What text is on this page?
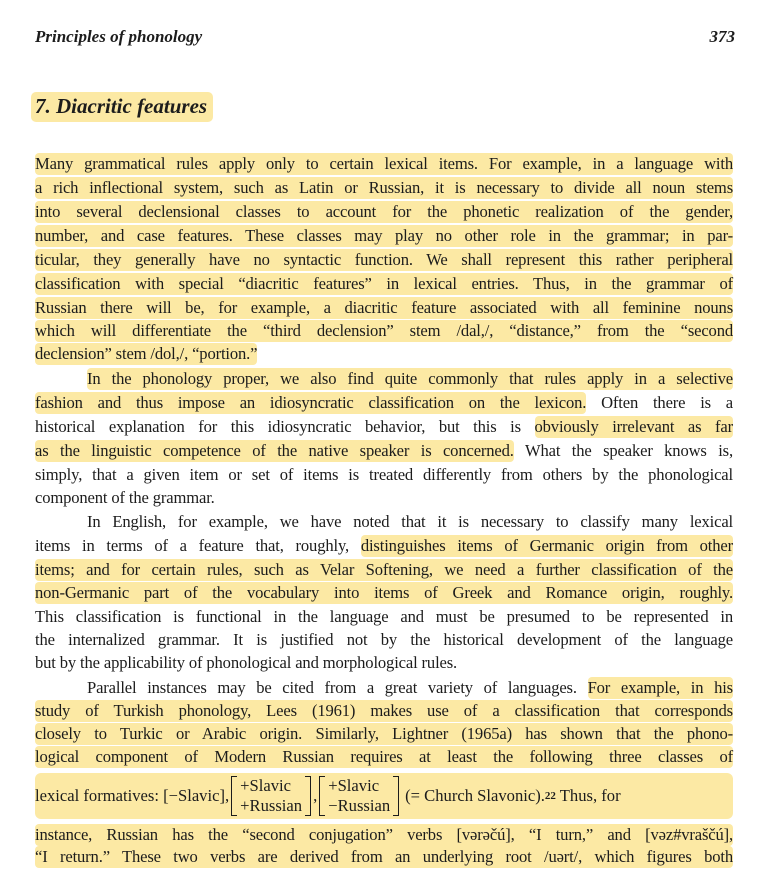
Principles of phonology	373
7. Diacritic features
Many grammatical rules apply only to certain lexical items. For example, in a language with
a rich inflectional system, such as Latin or Russian, it is necessary to divide all noun stems
into several declensional classes to account for the phonetic realization of the gender,
number, and case features. These classes may play no other role in the grammar; in par-
ticular, they generally have no syntactic function. We shall represent this rather peripheral
classification with special “diacritic features” in lexical entries. Thus, in the grammar of
Russian there will be, for example, a diacritic feature associated with all feminine nouns
which will differentiate the “third declension” stem /dal,/, “distance,” from the “second
declension” stem /dol,/, “portion.”
In the phonology proper, we also find quite commonly that rules apply in a selective
fashion and thus impose an idiosyncratic classification on the lexicon. Often there is a
historical explanation for this idiosyncratic behavior, but this is obviously irrelevant as far
as the linguistic competence of the native speaker is concerned. What the speaker knows is,
simply, that a given item or set of items is treated differently from others by the phonological
component of the grammar.
In English, for example, we have noted that it is necessary to classify many lexical
items in terms of a feature that, roughly, distinguishes items of Germanic origin from other
items; and for certain rules, such as Velar Softening, we need a further classification of the
non-Germanic part of the vocabulary into items of Greek and Romance origin, roughly.
This classification is functional in the language and must be presumed to be represented in
the internalized grammar. It is justified not by the historical development of the language
but by the applicability of phonological and morphological rules.
Parallel instances may be cited from a great variety of languages. For example, in his
study of Turkish phonology, Lees (1961) makes use of a classification that corresponds
closely to Turkic or Arabic origin. Similarly, Lightner (1965a) has shown that the phono-
logical component of Modern Russian requires at least the following three classes of
instance, Russian has the “second conjugation” verbs [vərəčú], “I turn,” and [vəz#vraščú],
“I return.” These two verbs are derived from an underlying root /uərt/, which figures both
lexical formatives: [−Slavic],
+Slavic
+Russian
,
+Slavic
−Russian
(= Church Slavonic). 22 Thus, for
